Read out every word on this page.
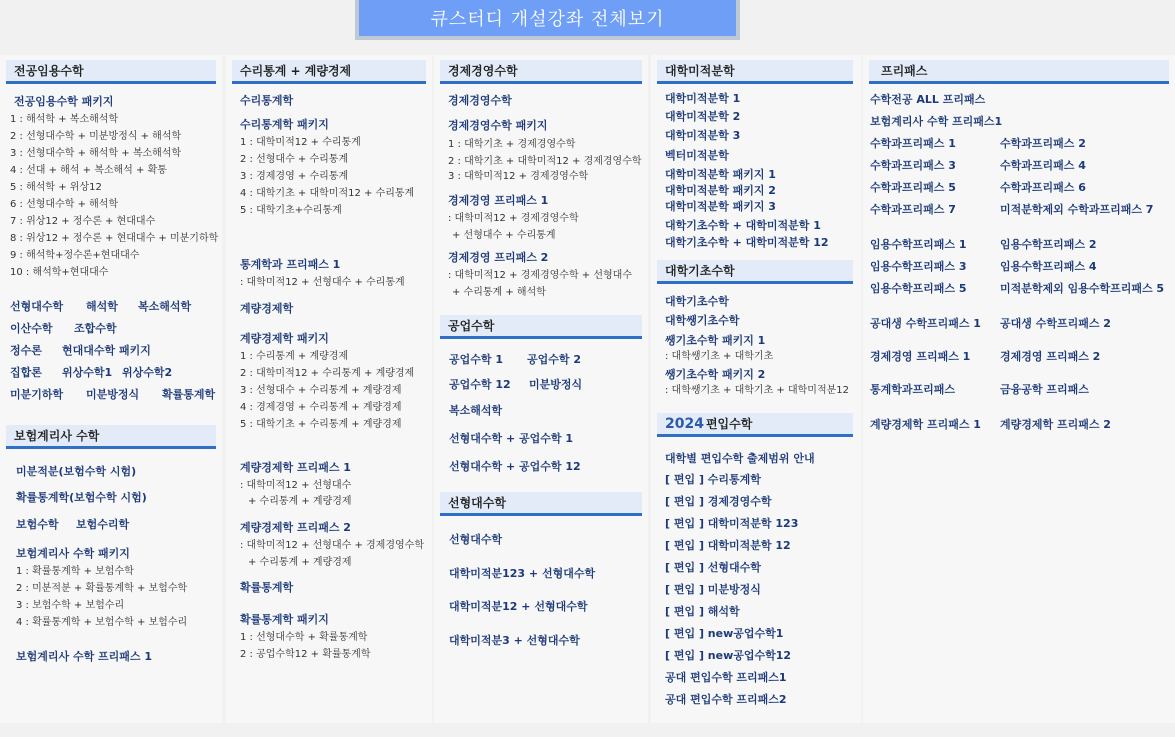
큐스터디 개설강좌 전체보기
전공임용수학
보험계리사 수학
수리통계 + 계량경제	경제경영수학
공업수학
선형대수학
대학미적분학
대학기초수학
2024 편입수학
프리패스
전공임용수학 패키지
1 : 해석학 + 복소해석학
2 : 선형대수학 + 미분방정식 + 해석학
3 : 선형대수학 + 해석학 + 복소해석학
4 : 선대 + 해석 + 복소해석 + 확통
5 : 해석학 + 위상12
6 : 선형대수학 + 해석학
7 : 위상12 + 정수론 + 현대대수
8 : 위상12 + 정수론 + 현대대수 + 미분기하학
9 : 해석학+정수론+현대대수
10 : 해석학+현대대수
선형대수학 해석학 복소해석학
이산수학 조합수학
정수론 현대대수학 패키지
집합론 위상수학1 위상수학2
미분기하학 미분방정식 확률통계학
미분적분(보험수학 시험)
확률통계학(보험수학 시험)
보험수학 보험수리학
보험계리사 수학 패키지
1 : 확률통계학 + 보험수학
2 : 미분적분 + 확률통계학 + 보험수학
3 : 보험수학 + 보험수리
4 : 확률통계학 + 보험수학 + 보험수리
보험계리사 수학 프리패스 1
수리통계학
수리통계학 패키지
1 : 대학미적12 + 수리통계
2 : 선형대수 + 수리통계
3 : 경제경영 + 수리통계
4 : 대학기초 + 대학미적12 + 수리통계
5 : 대학기초+수리통계
통계학과 프리패스 1
: 대학미적12 + 선형대수 + 수리통계
계량경제학
계량경제학 패키지
1 : 수리통계 + 계량경제
2 : 대학미적12 + 수리통계 + 계량경제
3 : 선형대수 + 수리통계 + 계량경제
4 : 경제경영 + 수리통계 + 계량경제
5 : 대학기초 + 수리통계 + 계량경제
계량경제학 프리패스 1
: 대학미적12 + 선형대수
+ 수리통계 + 계량경제
계량경제학 프리패스 2
: 대학미적12 + 선형대수 + 경제경영수학
+ 수리통계 + 계량경제
확률통계학
확률통계학 패키지
1 : 선형대수학 + 확률통계학
2 : 공업수학12 + 확률통계학
경제경영수학
경제경영수학 패키지
1 : 대학기초 + 경제경영수학
2 : 대학기초 + 대학미적12 + 경제경영수학
3 : 대학미적12 + 경제경영수학
경제경영 프리패스 1
: 대학미적12 + 경제경영수학
+ 선형대수 + 수리통계
경제경영 프리패스 2
: 대학미적12 + 경제경영수학 + 선형대수
+ 수리통계 + 해석학
공업수학 1 공업수학 2
공업수학 12 미분방정식
복소해석학
선형대수학 + 공업수학 1
선형대수학 + 공업수학 12
선형대수학
대학미적분123 + 선형대수학
대학미적분12 + 선형대수학
대학미적분3 + 선형대수학
대학미적분학 1
대학미적분학 2
대학미적분학 3
벡터미적분학
대학미적분학 패키지 1
대학미적분학 패키지 2
대학미적분학 패키지 3
대학기초수학 + 대학미적분학 1
대학기초수학 + 대학미적분학 12
대학기초수학
대학쌩기초수학
쌩기초수학 패키지 1
: 대학쌩기초 + 대학기초
쌩기초수학 패키지 2
: 대학쌩기초 + 대학기초 + 대학미적분12
대학별 편입수학 출제범위 안내
[ 편입 ] 수리통계학
[ 편입 ] 경제경영수학
[ 편입 ] 대학미적분학 123
[ 편입 ] 대학미적분학 12
[ 편입 ] 선형대수학
[ 편입 ] 미분방정식
[ 편입 ] 해석학
[ 편입 ] new공업수학1
[ 편입 ] new공업수학12
공대 편입수학 프리패스1
공대 편입수학 프리패스2
수학전공 ALL 프리패스
보험계리사 수학 프리패스1
수학과프리패스 1	수학과프리패스 2
수학과프리패스 3	수학과프리패스 4
수학과프리패스 5	수학과프리패스 6
수학과프리패스 7	미적분학제외 수학과프리패스 7
임용수학프리패스 1	임용수학프리패스 2
임용수학프리패스 3	임용수학프리패스 4
임용수학프리패스 5	미적분학제외 임용수학프리패스 5
공대생 수학프리패스 1 공대생 수학프리패스 2
경제경영 프리패스 1	경제경영 프리패스 2
통계학과프리패스	금융공학 프리패스
계량경제학 프리패스 1 계량경제학 프리패스 2
